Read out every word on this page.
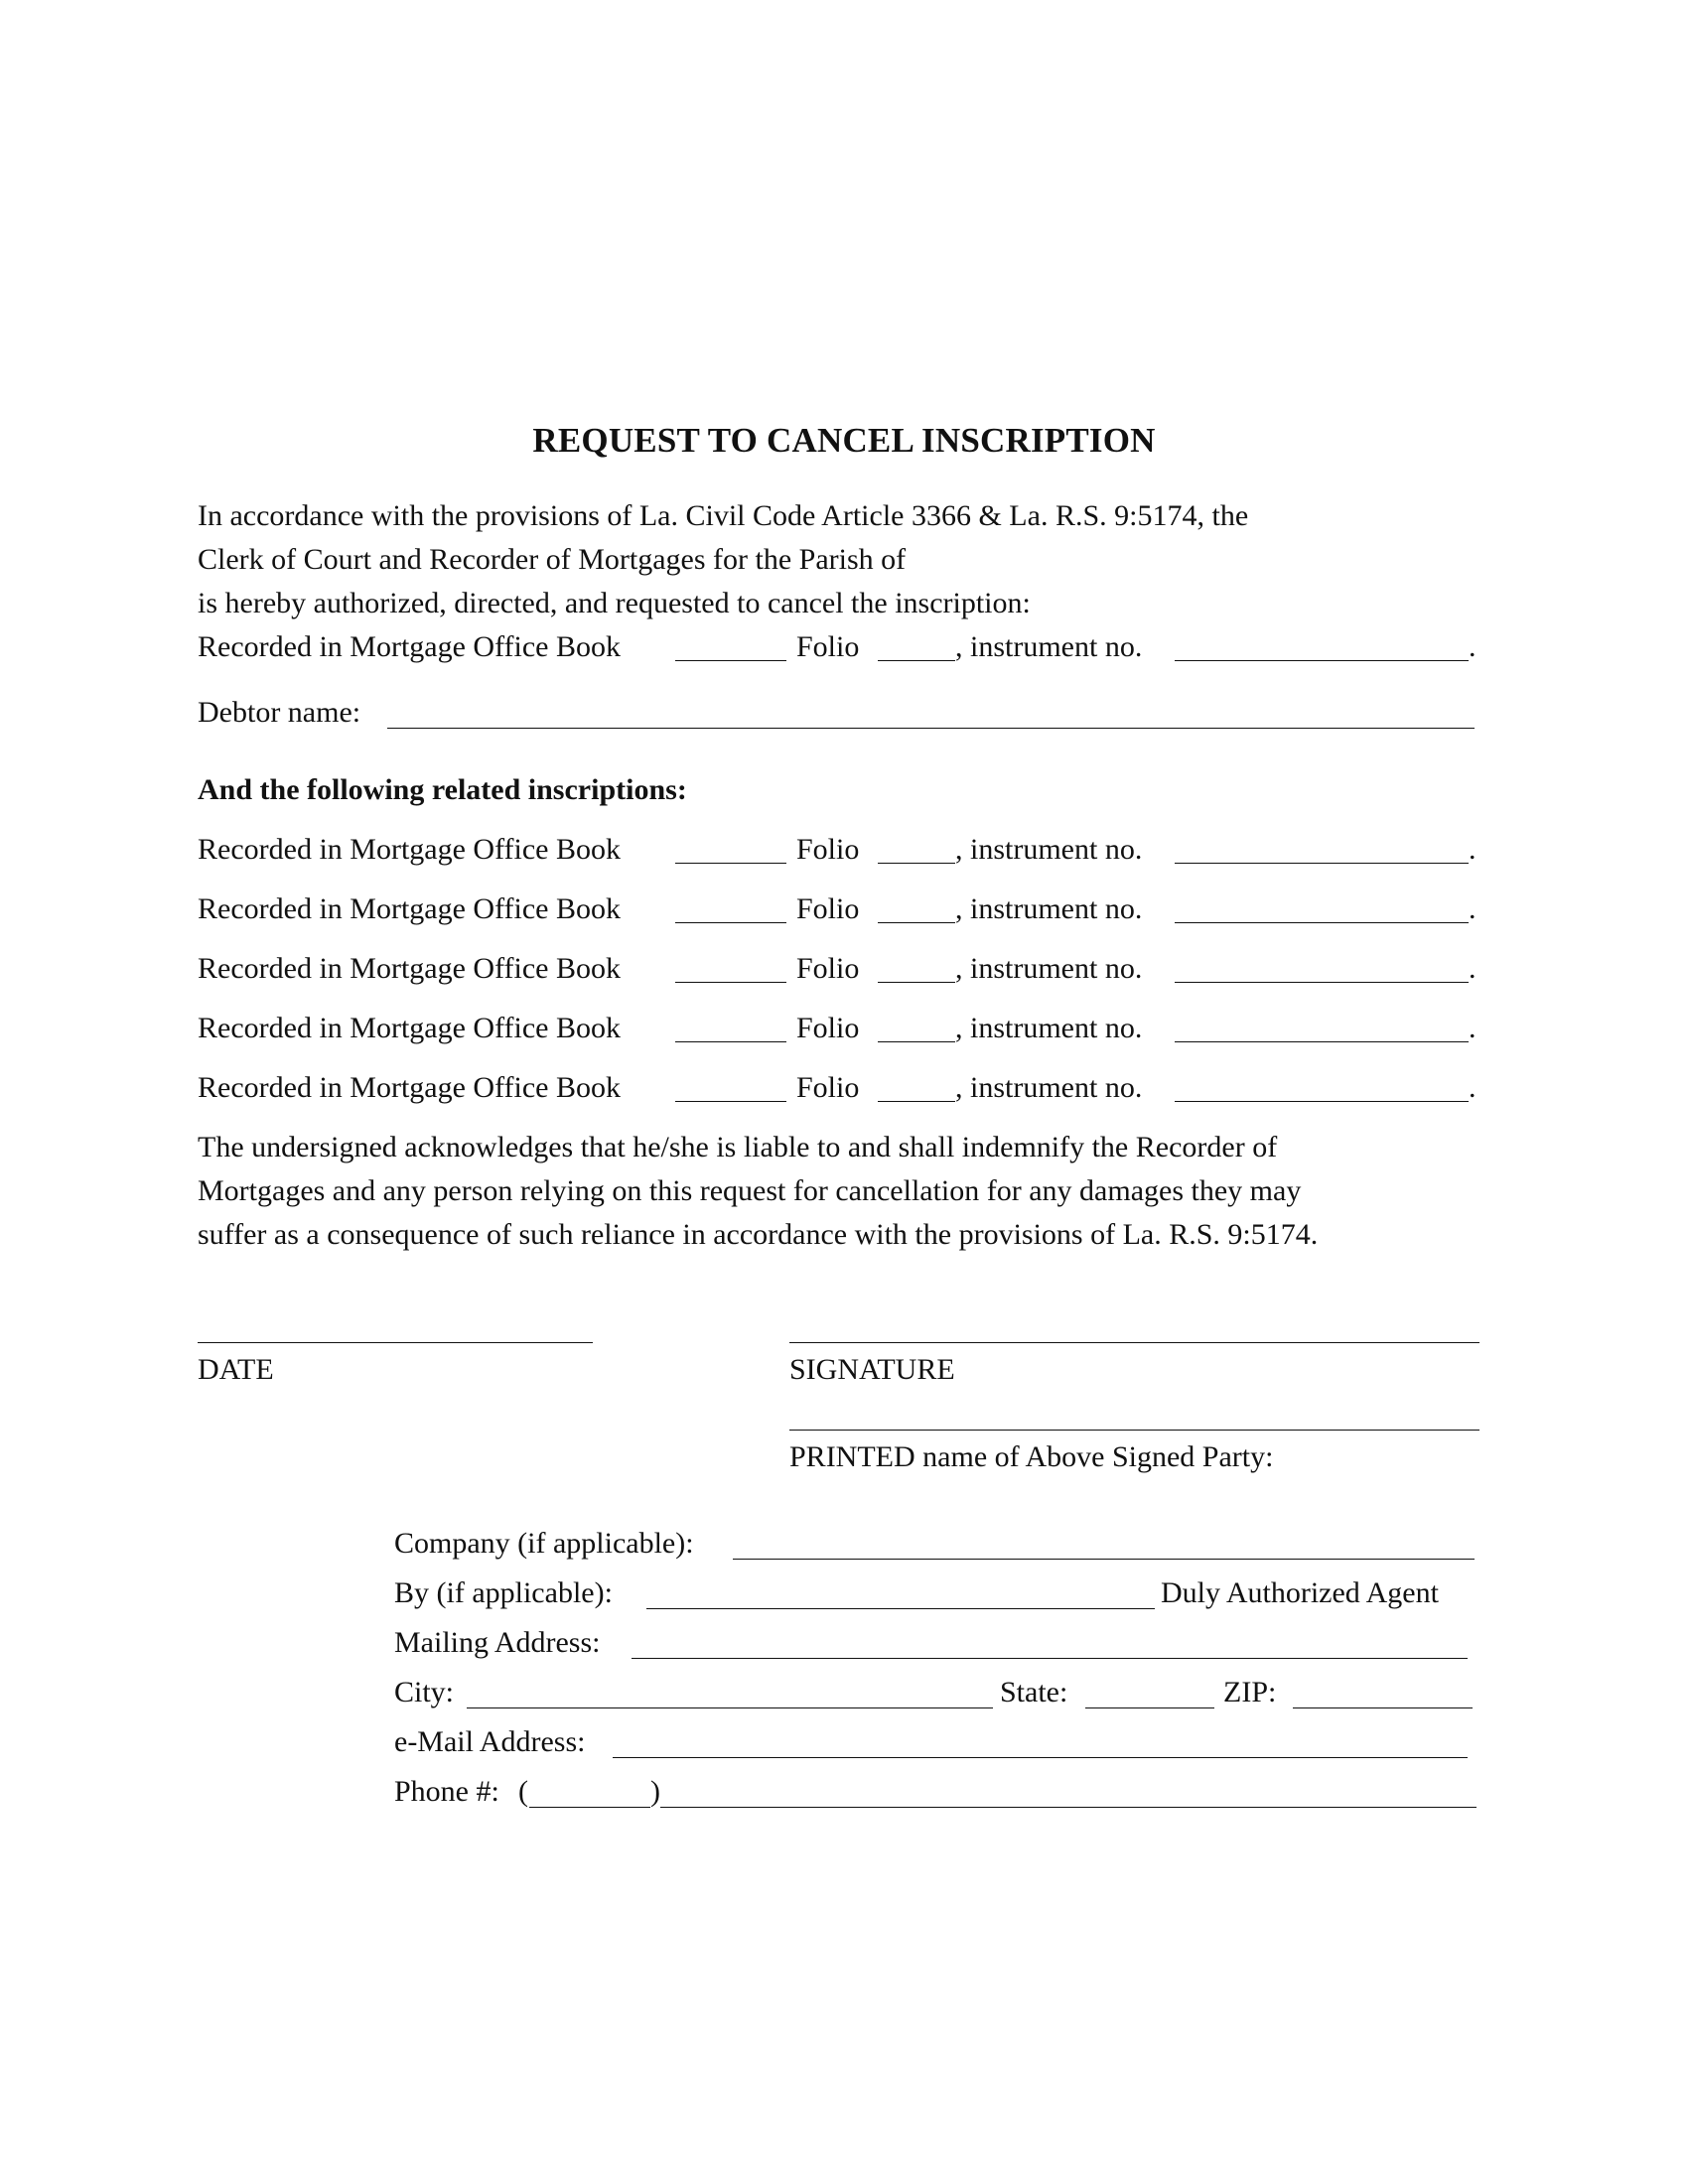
REQUEST TO CANCEL INSCRIPTION
In accordance with the provisions of La. Civil Code Article 3366 & La. R.S. 9:5174, the
Clerk of Court and Recorder of Mortgages for the Parish of
is hereby authorized, directed, and requested to cancel the inscription:
Recorded in Mortgage Office Book	Folio	, instrument no.	.
Debtor name:
And the following related inscriptions:
Recorded in Mortgage Office Book	Folio	, instrument no.	.
Recorded in Mortgage Office Book	Folio	, instrument no.	.
Recorded in Mortgage Office Book	Folio	, instrument no.	.
Recorded in Mortgage Office Book	Folio	, instrument no.	.
Recorded in Mortgage Office Book	Folio	, instrument no.	.
The undersigned acknowledges that he/she is liable to and shall indemnify the Recorder of
Mortgages and any person relying on this request for cancellation for any damages they may
suffer as a consequence of such reliance in accordance with the provisions of La. R.S. 9:5174.
DATE	SIGNATURE
PRINTED name of Above Signed Party:
Company (if applicable):
By (if applicable):	Duly Authorized Agent
Mailing Address:
City:	State:	ZIP:
e-Mail Address:
Phone #: (	)
